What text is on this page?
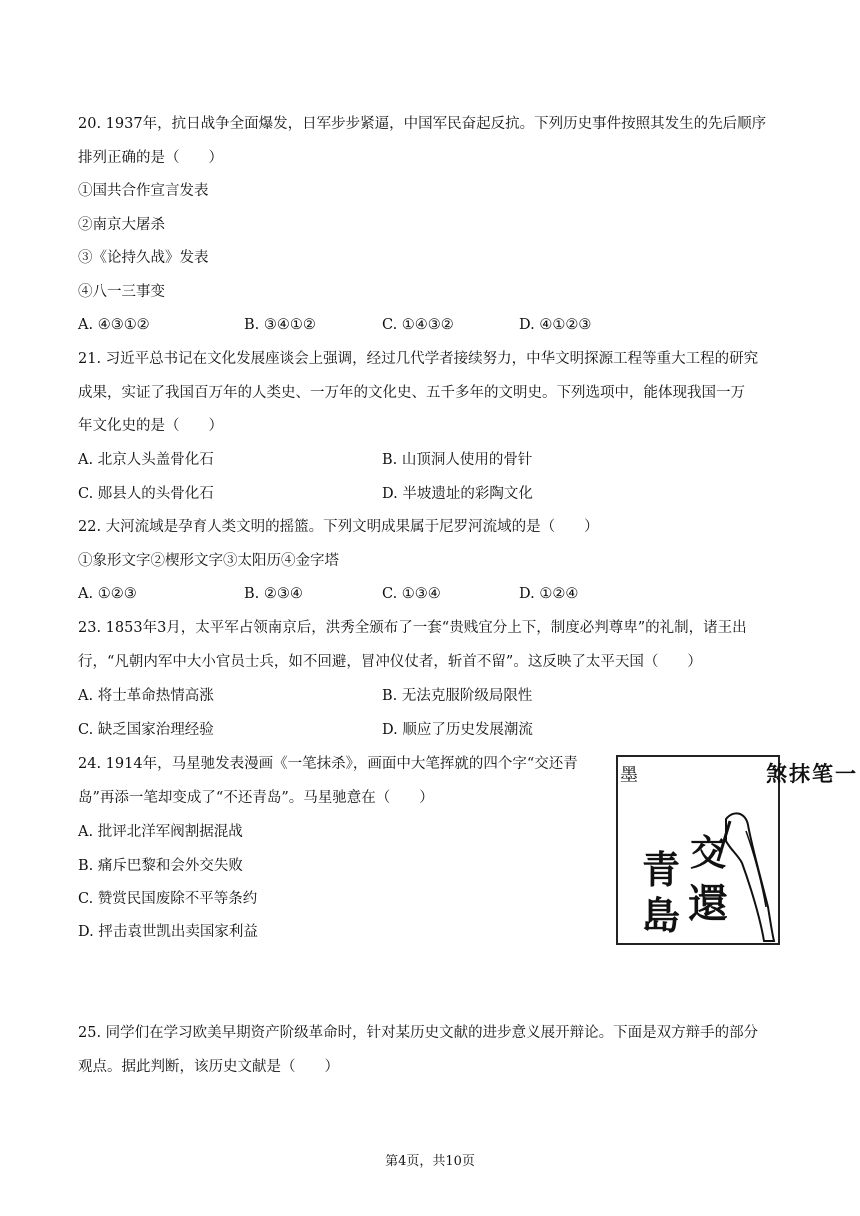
20. 1937年，抗日战争全面爆发，日军步步紧逼，中国军民奋起反抗。下列历史事件按照其发生的先后顺序
排列正确的是（　　）
①国共合作宣言发表
②南京大屠杀
③《论持久战》发表
④八一三事变
A. ④③①②	B. ③④①②	C. ①④③②	D. ④①②③
21. 习近平总书记在文化发展座谈会上强调，经过几代学者接续努力，中华文明探源工程等重大工程的研究
成果，实证了我国百万年的人类史、一万年的文化史、五千多年的文明史。下列选项中，能体现我国一万
年文化史的是（　　）
A. 北京人头盖骨化石	B. 山顶洞人使用的骨针
C. 郧县人的头骨化石	D. 半坡遗址的彩陶文化
22. 大河流域是孕育人类文明的摇篮。下列文明成果属于尼罗河流域的是（　　）
①象形文字②楔形文字③太阳历④金字塔
A. ①②③	B. ②③④	C. ①③④	D. ①②④
23. 1853年3月，太平军占领南京后，洪秀全颁布了一套“贵贱宜分上下，制度必判尊卑”的礼制，诸王出
行，“凡朝内军中大小官员士兵，如不回避，冒冲仪仗者，斩首不留”。这反映了太平天国（　　）
A. 将士革命热情高涨	B. 无法克服阶级局限性
C. 缺乏国家治理经验	D. 顺应了历史发展潮流
24. 1914年，马星驰发表漫画《一笔抹杀》，画面中大笔挥就的四个字“交还青
岛”再添一笔却变成了“不还青岛”。马星驰意在（　　）
A. 批评北洋军阀割据混战
B. 痛斥巴黎和会外交失败
C. 赞赏民国废除不平等条约
D. 抨击袁世凯出卖国家利益
墨	一笔抹煞
青
島 還
交
25. 同学们在学习欧美早期资产阶级革命时，针对某历史文献的进步意义展开辩论。下面是双方辩手的部分
观点。据此判断，该历史文献是（　　）
第4页，共10页
